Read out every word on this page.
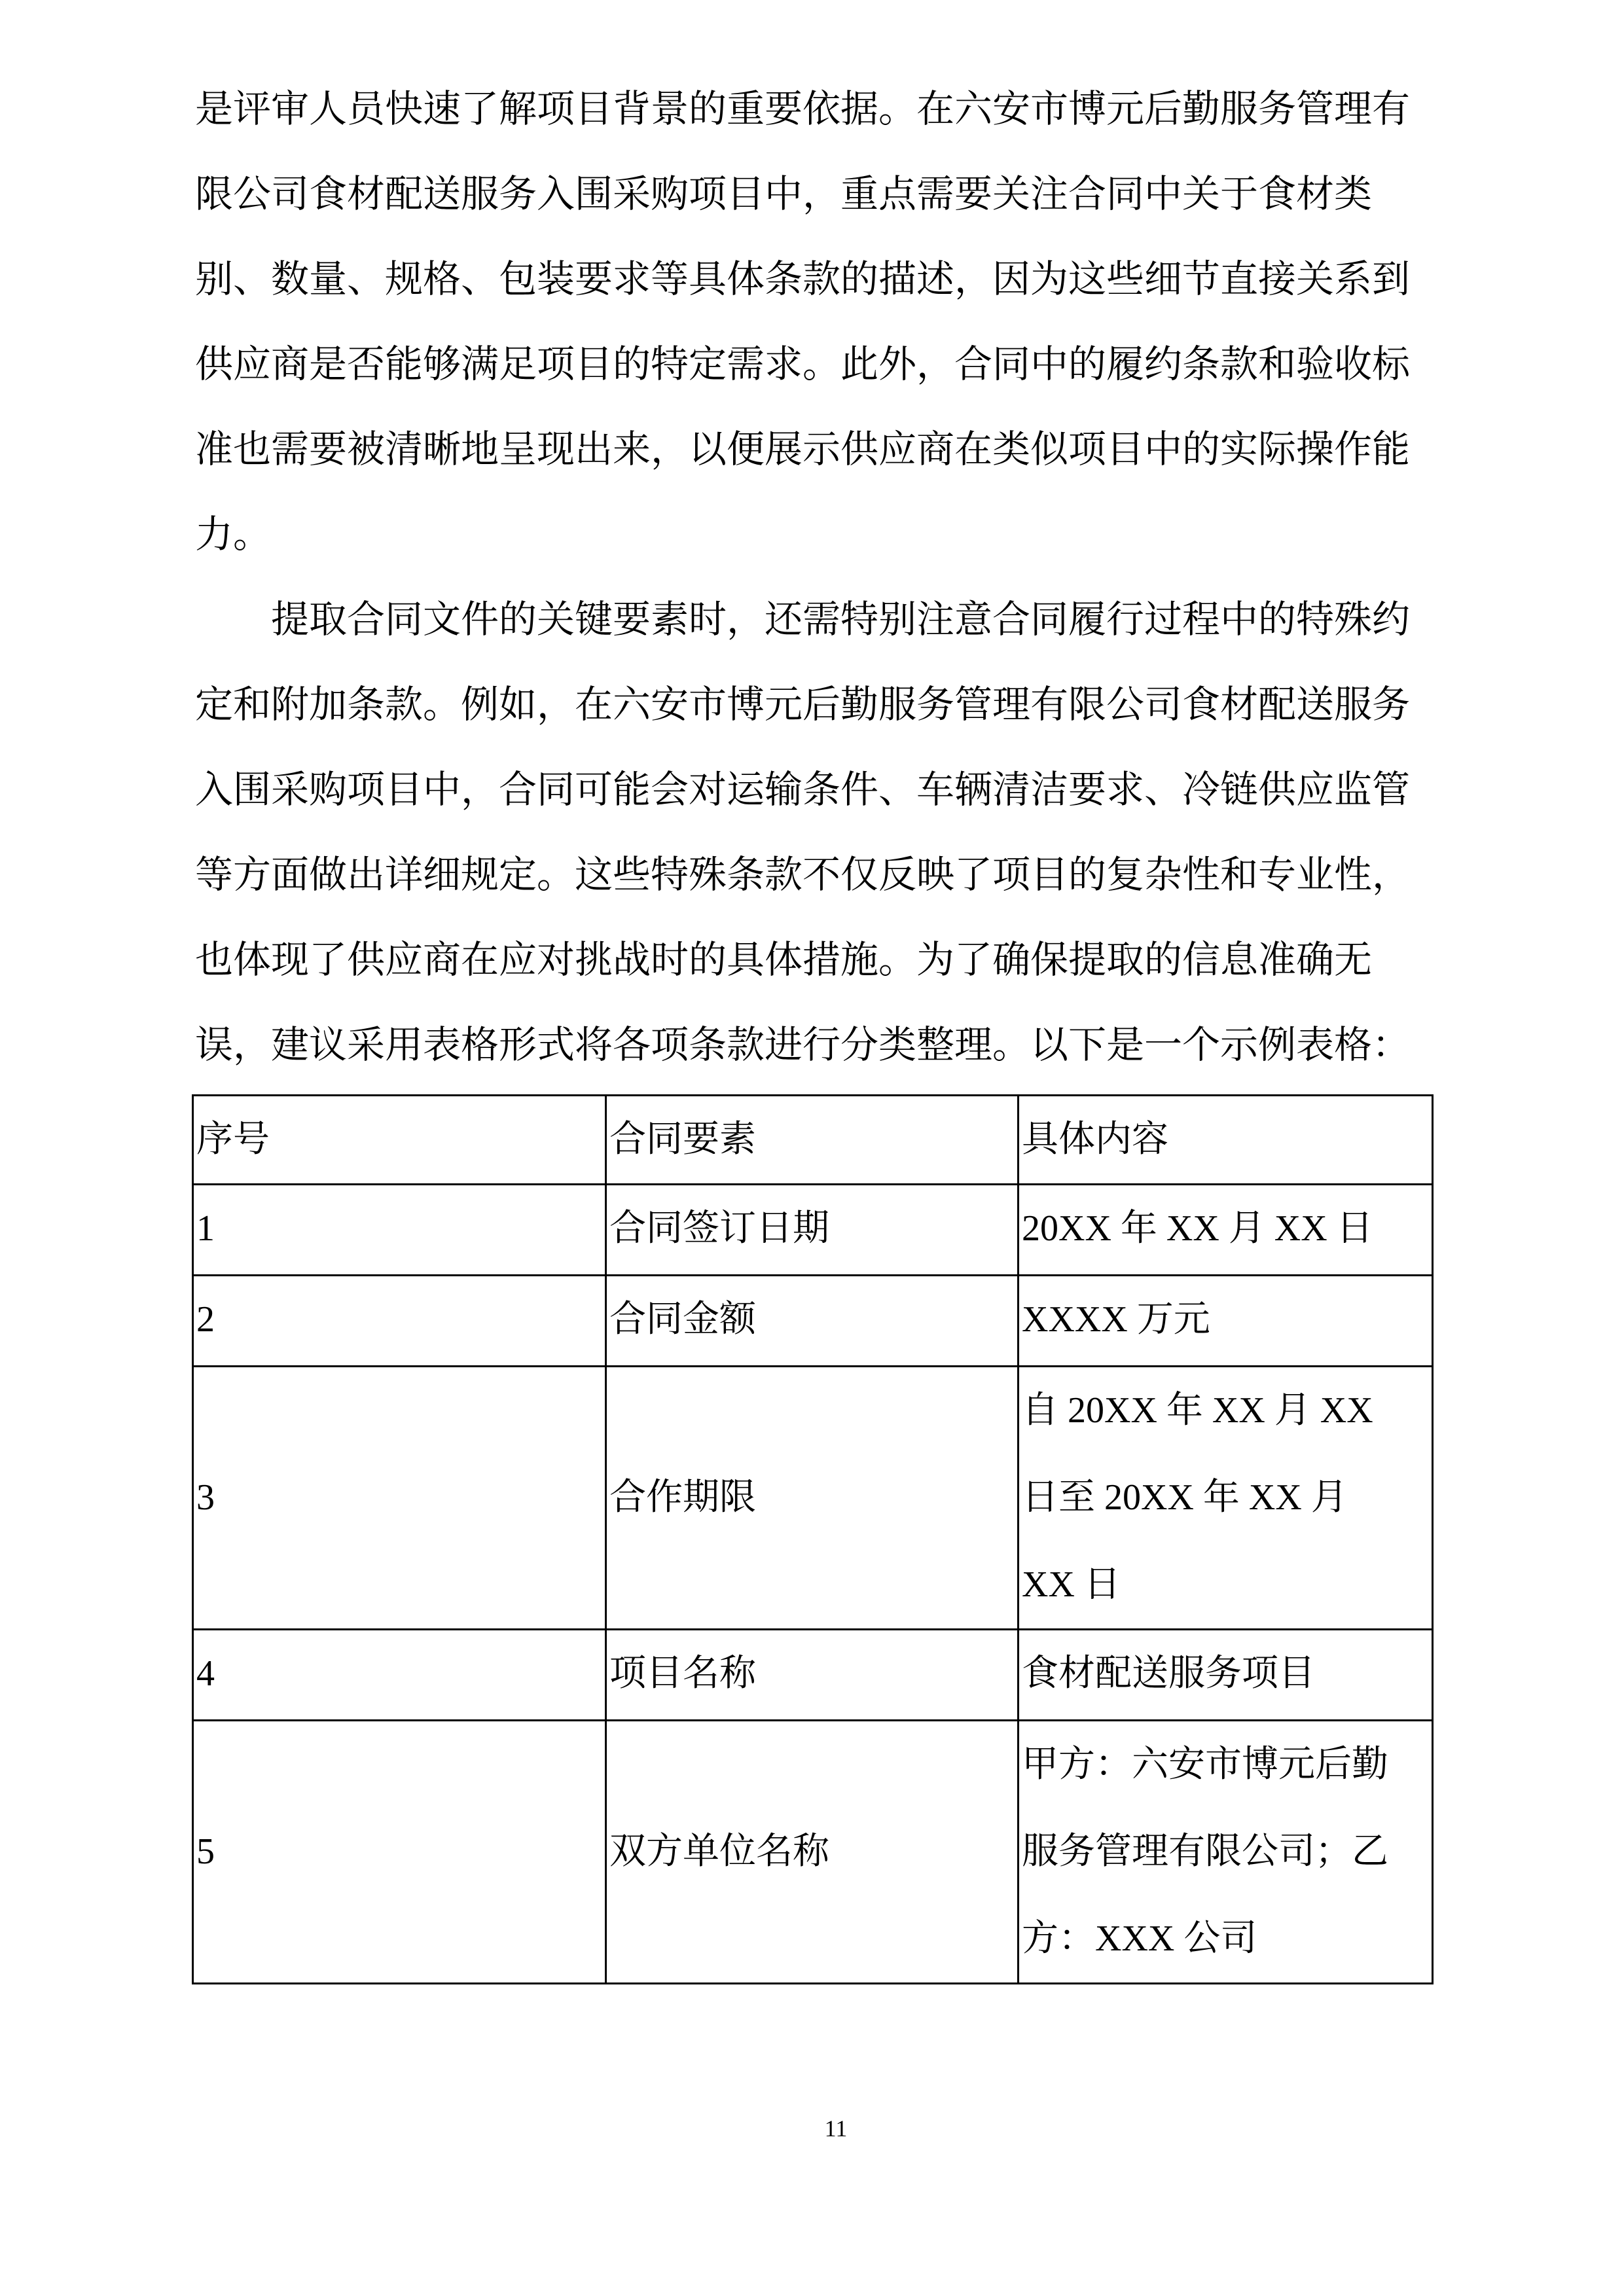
是评审人员快速了解项目背景的重要依据。在六安市博元后勤服务管理有
限公司食材配送服务入围采购项目中，重点需要关注合同中关于食材类
别、数量、规格、包装要求等具体条款的描述，因为这些细节直接关系到
供应商是否能够满足项目的特定需求。此外，合同中的履约条款和验收标
准也需要被清晰地呈现出来，以便展示供应商在类似项目中的实际操作能
力。
提取合同文件的关键要素时，还需特别注意合同履行过程中的特殊约
定和附加条款。例如，在六安市博元后勤服务管理有限公司食材配送服务
入围采购项目中，合同可能会对运输条件、车辆清洁要求、冷链供应监管
等方面做出详细规定。这些特殊条款不仅反映了项目的复杂性和专业性，
也体现了供应商在应对挑战时的具体措施。为了确保提取的信息准确无
误，建议采用表格形式将各项条款进行分类整理。以下是一个示例表格：
序号	合同要素	具体内容
1	合同签订日期	20XX 年 XX 月 XX 日

2	合同金额	XXXX 万元

3	合作期限	自 20XX 年 XX 月 XX
日至 20XX 年 XX 月
XX 日

4	项目名称	食材配送服务项目

5	双方单位名称	甲方：六安市博元后勤
服务管理有限公司；乙
方：XXX 公司
11
